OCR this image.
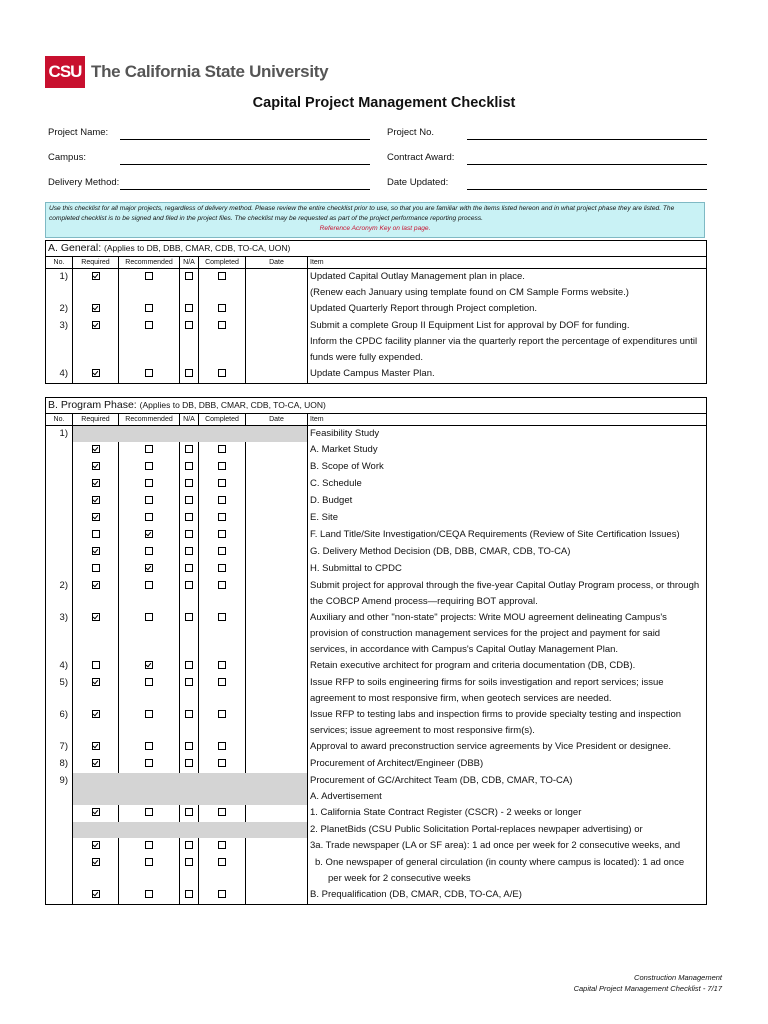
CSU The California State University
Capital Project Management Checklist
Project Name:
Campus:
Delivery Method:
Project No.
Contract Award:
Date Updated:
Use this checklist for all major projects, regardless of delivery method. Please review the entire checklist prior to use, so that you are familiar with the items listed hereon and in what project phase they are listed. The completed checklist is to be signed and filed in the project files. The checklist may be requested as part of the project performance reporting process.
Reference Acronym Key on last page.
A. General: (Applies to DB, DBB, CMAR, CDB, TO-CA, UON)						
No.	Required	Recommended	N/A	Completed	Date	Item
1)						Updated Capital Outlay Management plan in place.
(Renew each January using template found on CM Sample Forms website.)

2)						Updated Quarterly Report through Project completion.

3)						Submit a complete Group II Equipment List for approval by DOF for funding.
Inform the CPDC facility planner via the quarterly report the percentage of expenditures until
funds were fully expended.

4)						Update Campus Master Plan.
B. Program Phase: (Applies to DB, DBB, CMAR, CDB, TO-CA, UON)						
No.	Required	Recommended	N/A	Completed	Date	Item
1)						Feasibility Study

						A. Market Study

						B. Scope of Work

						C. Schedule

						D. Budget

						E. Site

						F. Land Title/Site Investigation/CEQA Requirements (Review of Site Certification Issues)

						G. Delivery Method Decision (DB, DBB, CMAR, CDB, TO-CA)

						H. Submittal to CPDC

2)						Submit project for approval through the five-year Capital Outlay Program process, or through
the COBCP Amend process—requiring BOT approval.

3)						Auxiliary and other "non-state" projects: Write MOU agreement delineating Campus's
provision of construction management services for the project and payment for said
services, in accordance with Campus's Capital Outlay Management Plan.

4)						Retain executive architect for program and criteria documentation (DB, CDB).

5)						Issue RFP to soils engineering firms for soils investigation and report services; issue
agreement to most responsive firm, when geotech services are needed.

6)						Issue RFP to testing labs and inspection firms to provide specialty testing and inspection
services; issue agreement to most responsive firm(s).

7)						Approval to award preconstruction service agreements by Vice President or designee.

8)						Procurement of Architect/Engineer (DBB)

9)						Procurement of GC/Architect Team (DB, CDB, CMAR, TO-CA)

						A. Advertisement

						1. California State Contract Register (CSCR) - 2 weeks or longer

						2. PlanetBids (CSU Public Solicitation Portal-replaces newpaper advertising) or

						3a. Trade newspaper (LA or SF area): 1 ad once per week for 2 consecutive weeks, and

						b. One newspaper of general circulation (in county where campus is located): 1 ad once
per week for 2 consecutive weeks

						B. Prequalification (DB, CMAR, CDB, TO-CA, A/E)
Construction Management
Capital Project Management Checklist - 7/17
